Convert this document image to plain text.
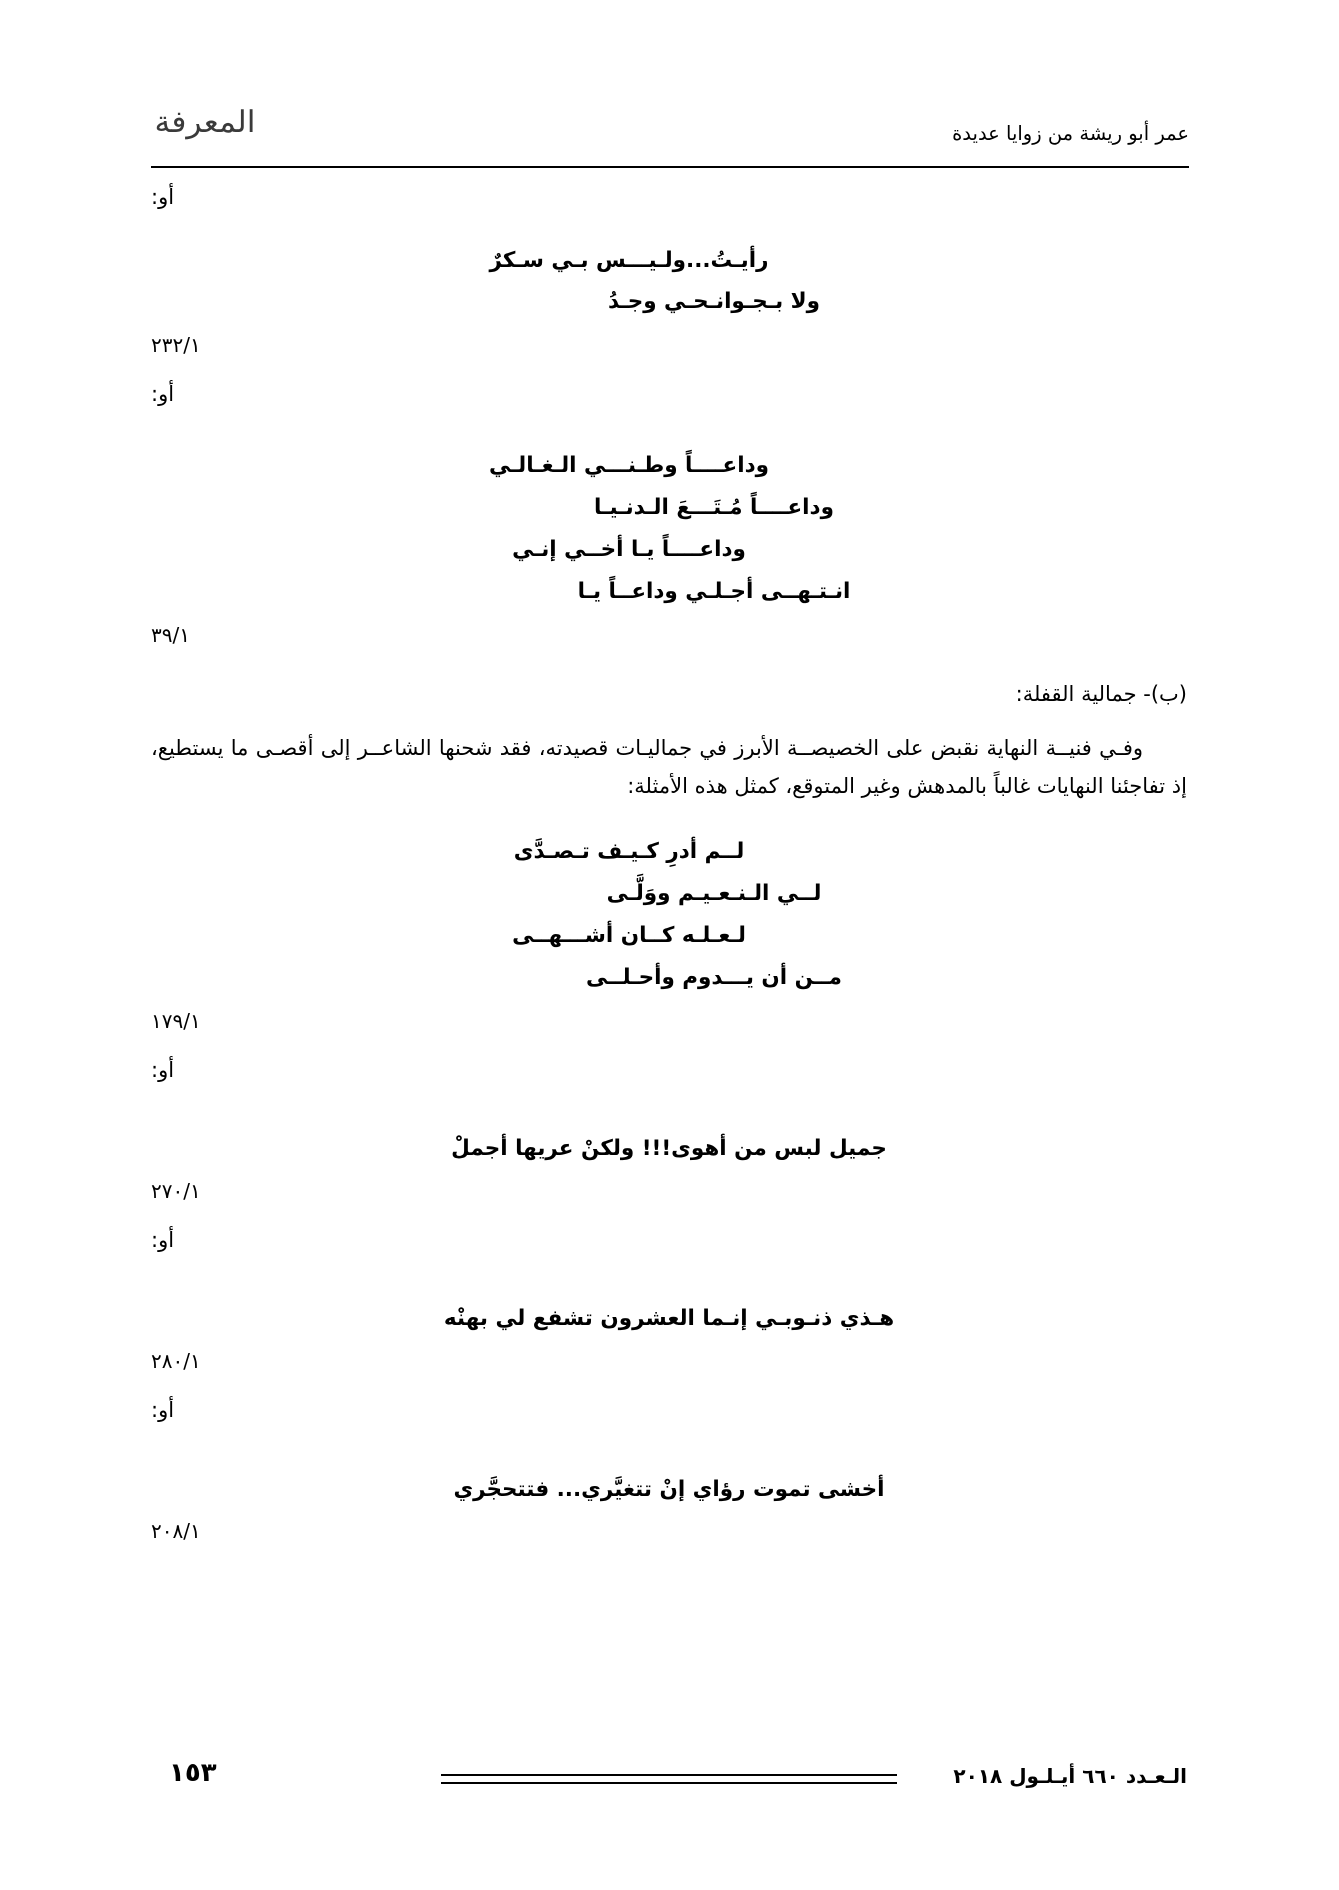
عمر أبو ريشة من زوايا عديدة
المعرفة
أو:
رأيـتُ...ولـيـــس بـي سـكرٌ
ولا بـجـوانـحـي وجـدُ
٢٣٢/١
أو:
وداعــــاً وطـنـــي الـغـالـي
وداعــــاً مُـتَـــعَ الـدنـيـا
وداعــــاً يـا أخــي إنـي
انـتـهــى أجـلـي وداعــاً يـا
٣٩/١
(ب)- جمالية القفلة:

وفـي فنيــة النهاية نقبض على الخصيصــة الأبرز في جماليـات قصيدته، فقد شحنها الشاعــر إلى أقصـى ما يستطيع، إذ تفاجئنا النهايات غالباً بالمدهش وغير المتوقع، كمثل هذه الأمثلة:

لــم أدرِ كـيـف تـصـدَّى
لــي الـنـعـيـم ووَلَّـى
لـعـلـه كــان أشـــهــى
مــن أن يـــدوم وأحـلــى
١٧٩/١
أو:
جميل لبس من أهوى!!! ولكنْ عريها أجملْ
٢٧٠/١
أو:
هـذي ذنـوبـي إنـما العشرون تشفع لي بهنْه
٢٨٠/١
أو:
أخشى تموت رؤاي إنْ تتغيَّري... فتتحجَّري
٢٠٨/١
١٥٣	الـعـدد ٦٦٠ أيـلـول ٢٠١٨
